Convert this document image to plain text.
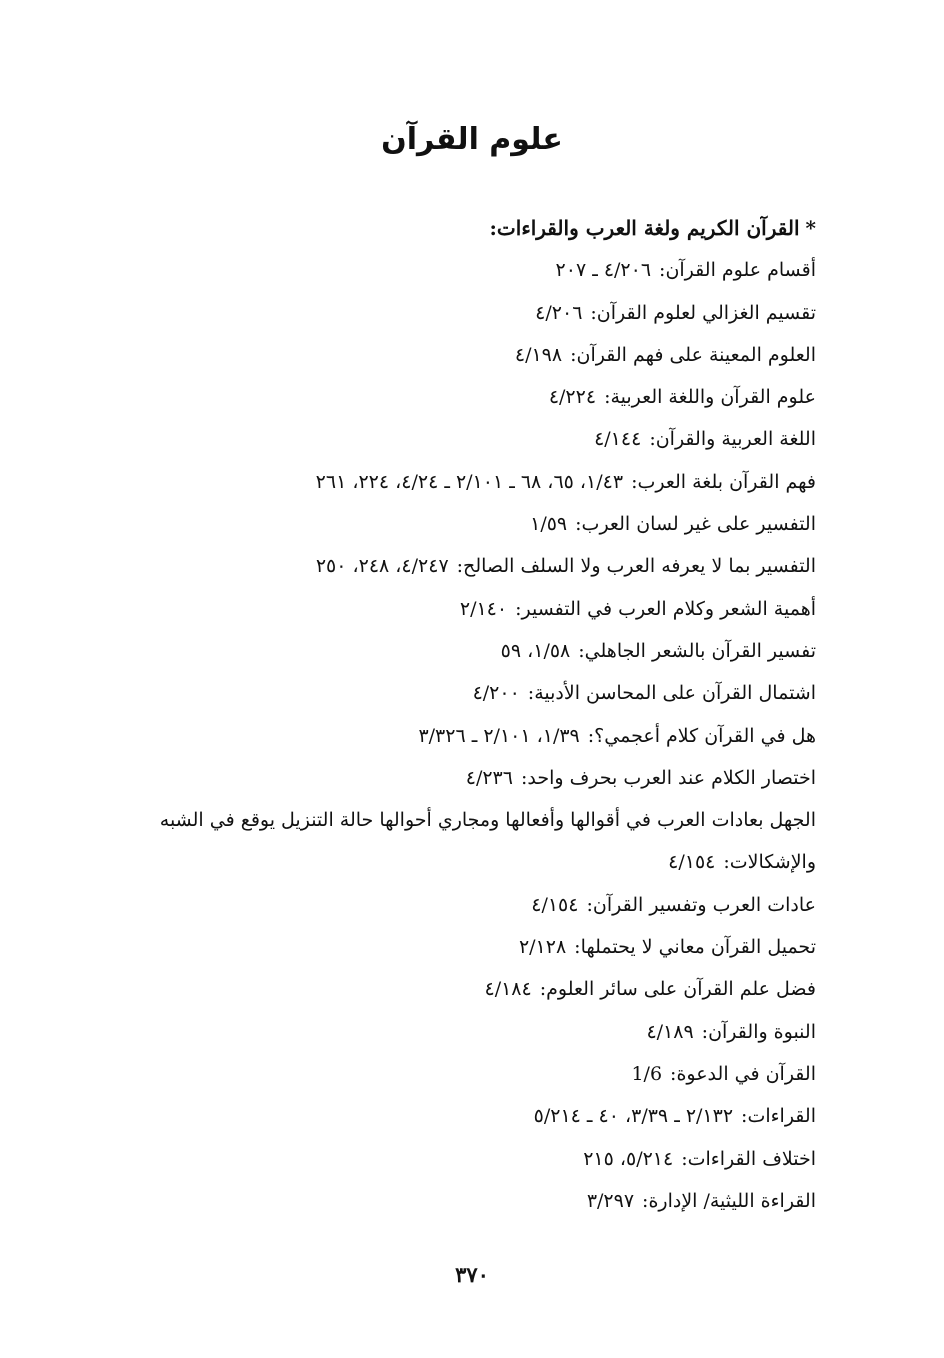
علوم القرآن
*القرآن الكريم ولغة العرب والقراءات:
أقسام علوم القرآن:٤/٢٠٦ ـ ٢٠٧
تقسيم الغزالي لعلوم القرآن:٤/٢٠٦
العلوم المعينة على فهم القرآن:٤/١٩٨
علوم القرآن واللغة العربية:٤/٢٢٤
اللغة العربية والقرآن:٤/١٤٤
فهم القرآن بلغة العرب:١/٤٣، ٦٥، ٦٨ ـ ٢/١٠١ ـ ٤/٢٤، ٢٢٤، ٢٦١
التفسير على غير لسان العرب:١/٥٩
التفسير بما لا يعرفه العرب ولا السلف الصالح:٤/٢٤٧، ٢٤٨، ٢٥٠
أهمية الشعر وكلام العرب في التفسير:٢/١٤٠
تفسير القرآن بالشعر الجاهلي:١/٥٨، ٥٩
اشتمال القرآن على المحاسن الأدبية:٤/٢٠٠
هل في القرآن كلام أعجمي؟:١/٣٩، ٢/١٠١ ـ ٣/٣٢٦
اختصار الكلام عند العرب بحرف واحد:٤/٢٣٦
الجهل بعادات العرب في أقوالها وأفعالها ومجاري أحوالها حالة التنزيل يوقع في الشبه
والإشكالات:٤/١٥٤
عادات العرب وتفسير القرآن:٤/١٥٤
تحميل القرآن معاني لا يحتملها:٢/١٢٨
فضل علم القرآن على سائر العلوم:٤/١٨٤
النبوة والقرآن:٤/١٨٩
القرآن في الدعوة:1/6
القراءات:٢/١٣٢ ـ ٣/٣٩، ٤٠ ـ ٥/٢١٤
اختلاف القراءات:٥/٢١٤، ٢١٥
القراءة الليثية/ الإدارة:٣/٢٩٧
٣٧٠
